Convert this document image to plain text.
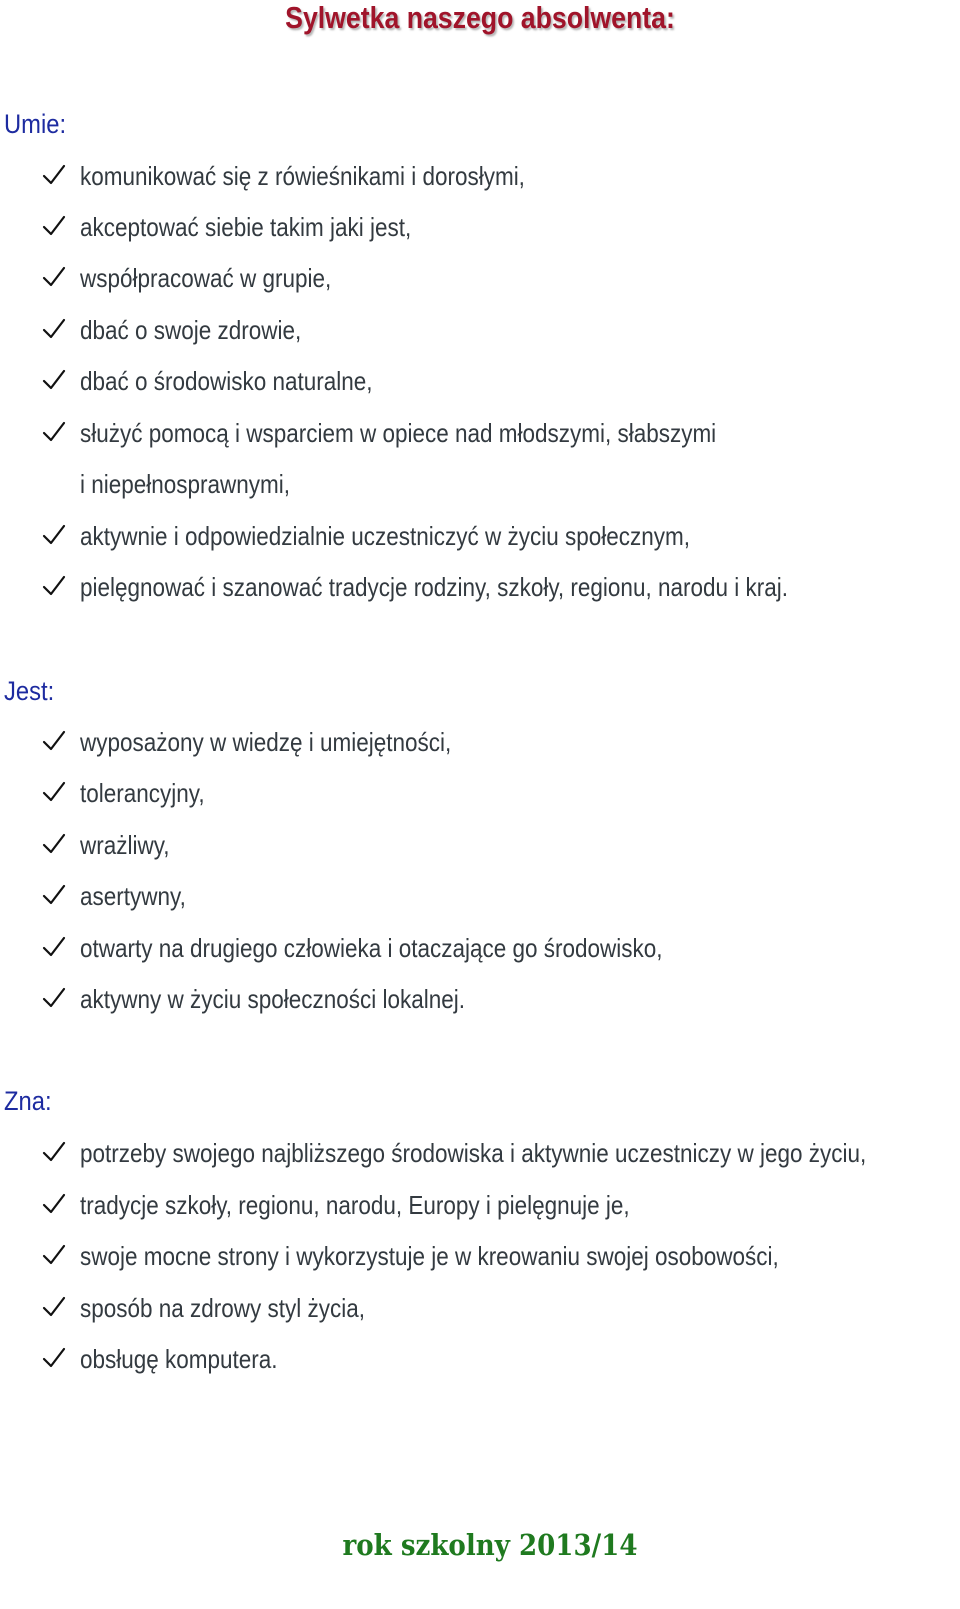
Sylwetka naszego absolwenta:
Umie:
komunikować się z rówieśnikami i dorosłymi,
akceptować siebie takim jaki jest,
współpracować w grupie,
dbać o swoje zdrowie,
dbać o środowisko naturalne,
służyć pomocą i wsparciem w opiece nad młodszymi, słabszymi
i niepełnosprawnymi,
aktywnie i odpowiedzialnie uczestniczyć w życiu społecznym,
pielęgnować i szanować tradycje rodziny, szkoły, regionu, narodu i kraj.
Jest:
wyposażony w wiedzę i umiejętności,
tolerancyjny,
wrażliwy,
asertywny,
otwarty na drugiego człowieka i otaczające go środowisko,
aktywny w życiu społeczności lokalnej.
Zna:
potrzeby swojego najbliższego środowiska i aktywnie uczestniczy w jego życiu,
tradycje szkoły, regionu, narodu, Europy i pielęgnuje je,
swoje mocne strony i wykorzystuje je w kreowaniu swojej osobowości,
sposób na zdrowy styl życia,
obsługę komputera.
rok szkolny 2013/14
